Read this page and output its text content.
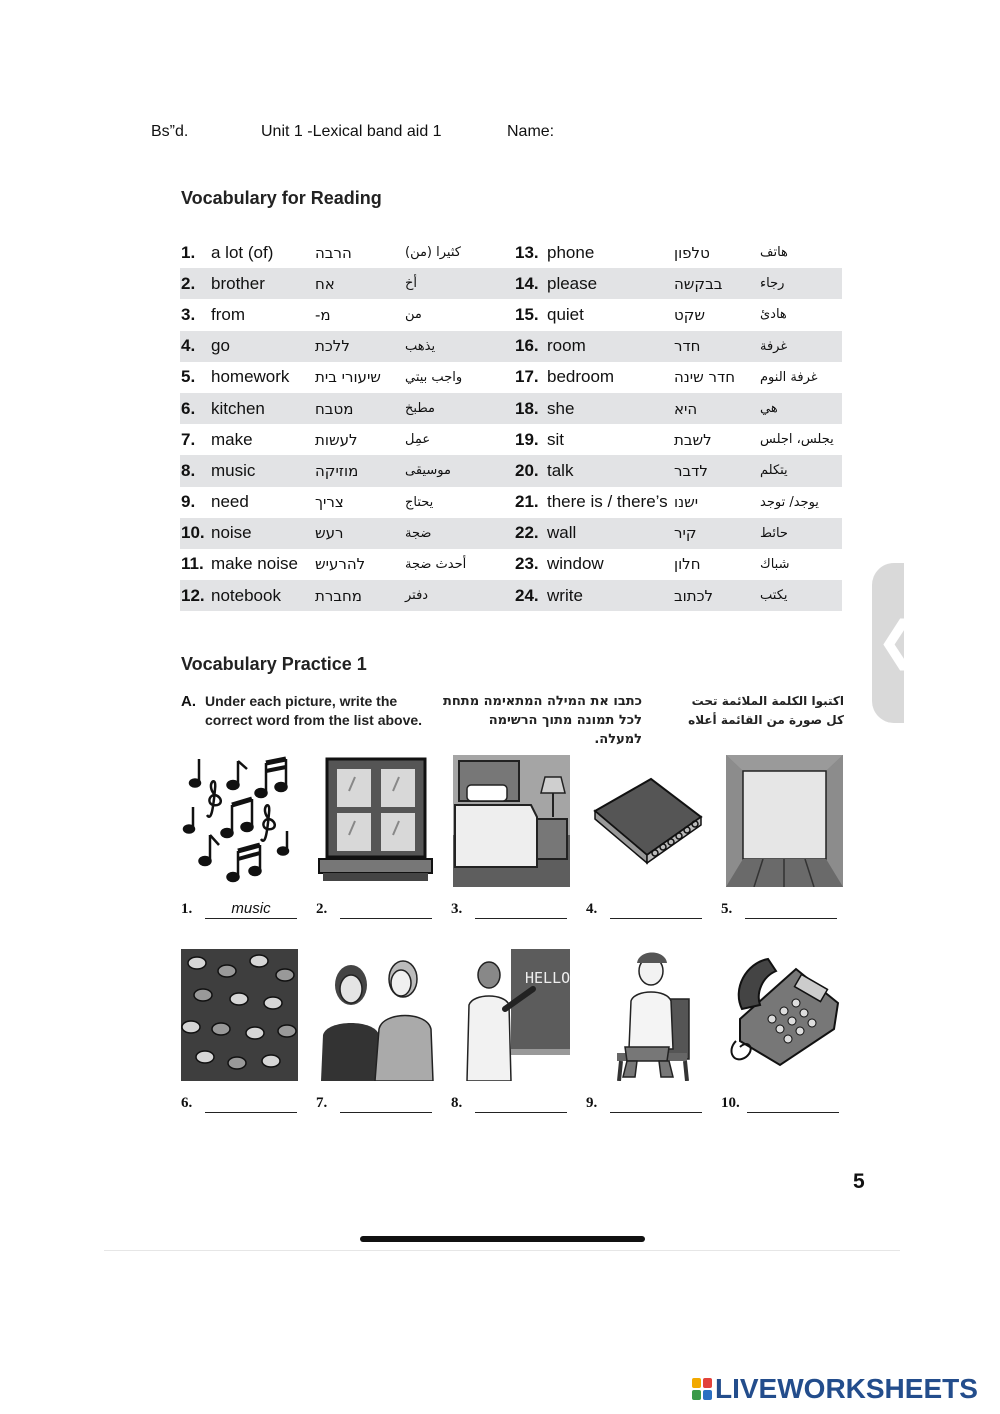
Bs”d.	Unit 1 -Lexical band aid 1	Name:
Vocabulary for Reading
1.	a lot (of)	הרבה	كثيرا (من)	13.	phone	טלפון	هاتف
2.	brother	אח	أخ	14.	please	בבקשה	رجاء
3.	from	מ-	من	15.	quiet	שקט	هادئ
4.	go	ללכת	يذهب	16.	room	חדר	غرفة
5.	homework	שיעורי בית	واجب بيتي	17.	bedroom	חדר שינה	غرفة النوم
6.	kitchen	מטבח	مطبخ	18.	she	היא	هي
7.	make	לעשות	عمِل	19.	sit	לשבת	يجلس، اجلس
8.	music	מוזיקה	موسيقى	20.	talk	לדבר	يتكلم
9.	need	צריך	يحتاج	21.	there is / there’s	ישנו	يوجد/ توجد
10.	noise	רעש	ضجة	22.	wall	קיר	حائط
11.	make noise	להרעיש	أحدث ضجة	23.	window	חלון	شباك
12.	notebook	מחברת	دفتر	24.	write	לכתוב	يكتب
Vocabulary Practice 1
A. Under each picture, write the
correct word from the list above.
כתבו את המילה המתאימה מתחת
לכל תמונה מתוך הרשימה למעלה.
اكتبوا الكلمة الملائمة تحت
كل صورة من القائمة أعلاه
1.	music	2.	3.	4.	5.
HELLO
6.	7.	8.	9.	10.
5
❮
LIVEWORKSHEETS
